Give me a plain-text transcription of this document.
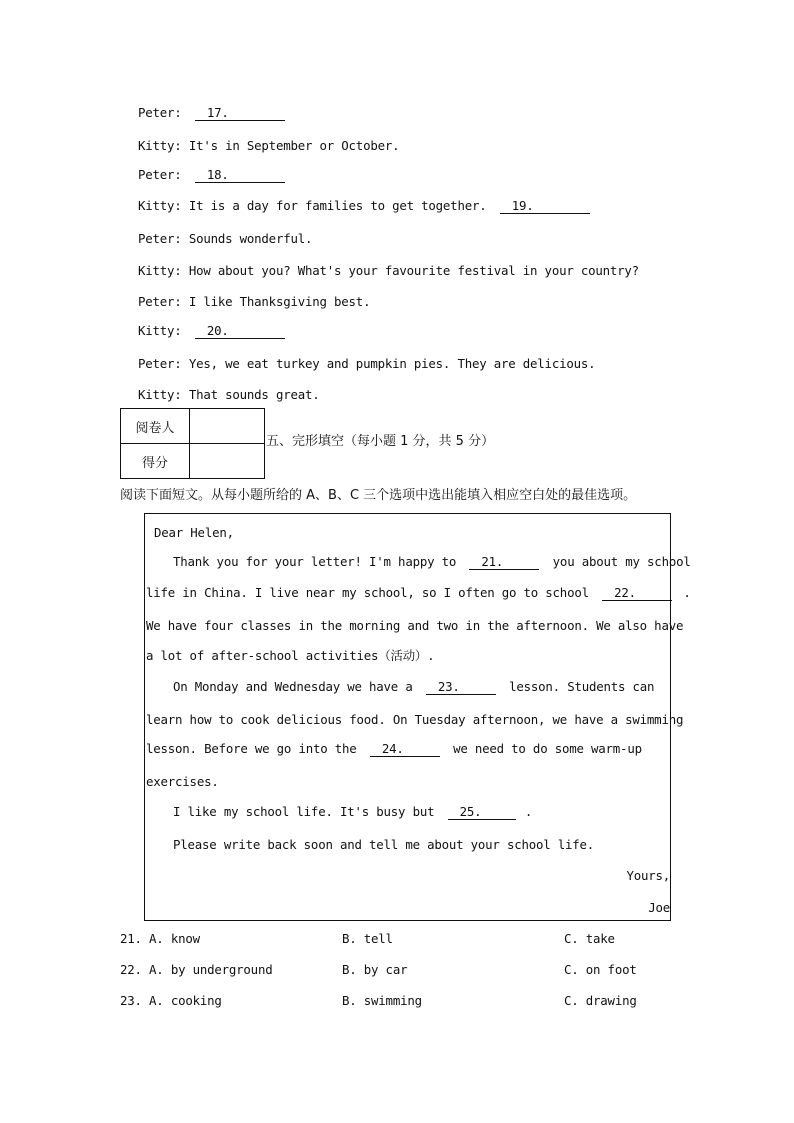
Peter: 17.
Kitty: It's in September or October.
Peter: 18.
Kitty: It is a day for families to get together. 19.
Peter: Sounds wonderful.
Kitty: How about you? What's your favourite festival in your country?
Peter: I like Thanksgiving best.
Kitty: 20.
Peter: Yes, we eat turkey and pumpkin pies. They are delicious.
Kitty: That sounds great.
阅卷人	
得分	
五、完形填空（每小题 1 分，共 5 分）
阅读下面短文。从每小题所给的 A、B、C 三个选项中选出能填入相应空白处的最佳选项。
Dear Helen,
Thank you for your letter! I'm happy to 21.	you about my school
life in China. I live near my school, so I often go to school 22.	.
We have four classes in the morning and two in the afternoon. We also have
a lot of after-school activities（活动）.
On Monday and Wednesday we have a 23.	lesson. Students can
learn how to cook delicious food. On Tuesday afternoon, we have a swimming
lesson. Before we go into the 24.	we need to do some warm-up
exercises.
I like my school life. It's busy but 25.	.
Please write back soon and tell me about your school life.
Yours,
Joe
21. A. know	B. tell	C. take
22. A. by underground	B. by car	C. on foot
23. A. cooking	B. swimming	C. drawing
